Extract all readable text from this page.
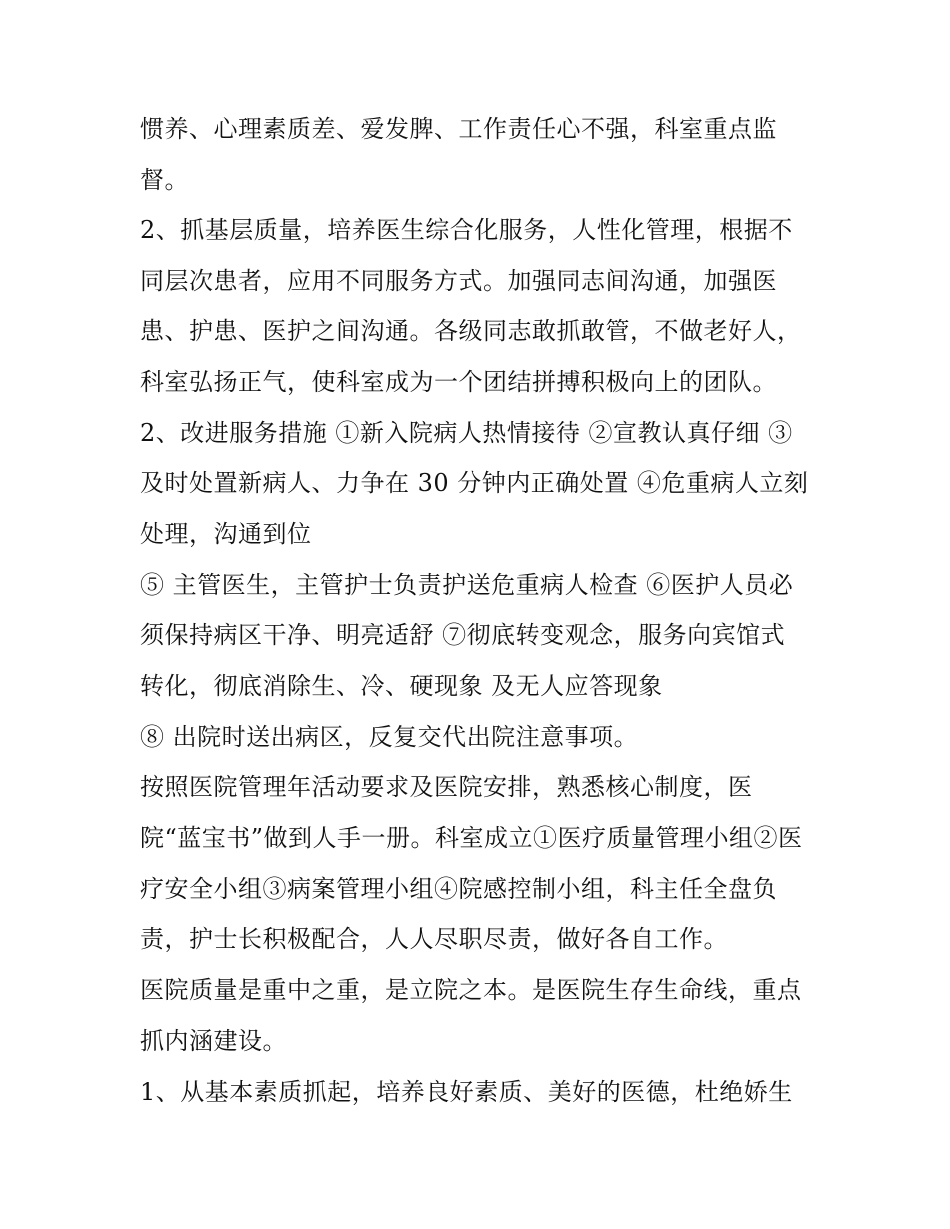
惯养、心理素质差、爱发脾、工作责任心不强，科室重点监
督。
2、抓基层质量，培养医生综合化服务，人性化管理，根据不
同层次患者，应用不同服务方式。加强同志间沟通，加强医
患、护患、医护之间沟通。各级同志敢抓敢管，不做老好人，
科室弘扬正气，使科室成为一个团结拼搏积极向上的团队。
2、改进服务措施 ①新入院病人热情接待 ②宣教认真仔细 ③
及时处置新病人、力争在 30 分钟内正确处置 ④危重病人立刻
处理，沟通到位
⑤ 主管医生，主管护士负责护送危重病人检查 ⑥医护人员必
须保持病区干净、明亮适舒 ⑦彻底转变观念，服务向宾馆式
转化，彻底消除生、冷、硬现象 及无人应答现象
⑧ 出院时送出病区，反复交代出院注意事项。
按照医院管理年活动要求及医院安排，熟悉核心制度，医
院“蓝宝书”做到人手一册。科室成立①医疗质量管理小组②医
疗安全小组③病案管理小组④院感控制小组，科主任全盘负
责，护士长积极配合，人人尽职尽责，做好各自工作。
医院质量是重中之重，是立院之本。是医院生存生命线，重点
抓内涵建设。
1、从基本素质抓起，培养良好素质、美好的医德，杜绝娇生
